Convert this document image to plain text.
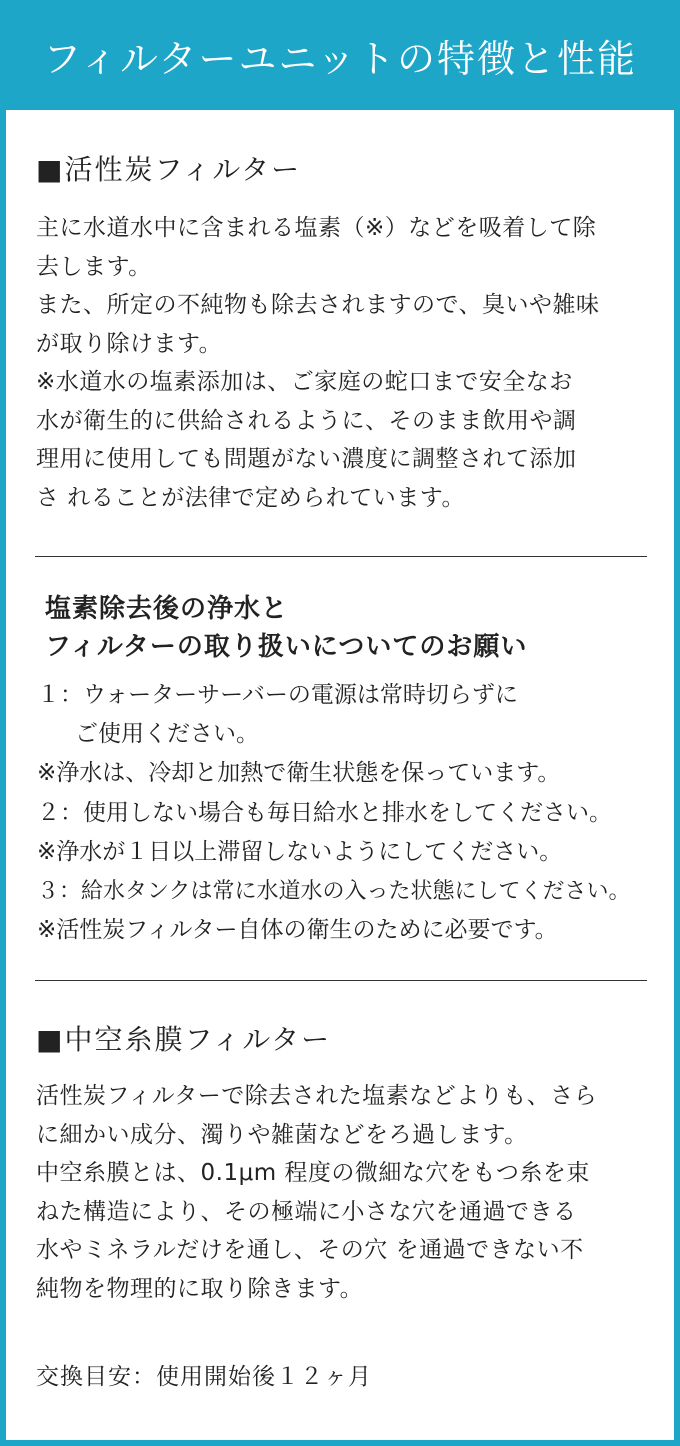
フィルターユニットの特徴と性能
■活性炭フィルター
主に水道水中に含まれる塩素（※）などを吸着して除
去します。
また、所定の不純物も除去されますので、臭いや雑味
が取り除けます。
※水道水の塩素添加は、ご家庭の蛇口まで安全なお
水が衛生的に供給されるように、そのまま飲用や調
理用に使用しても問題がない濃度に調整されて添加
さ れることが法律で定められています。
塩素除去後の浄水と
フィルターの取り扱いについてのお願い
１：ウォーターサーバーの電源は常時切らずに
ご使用ください。
※浄水は、冷却と加熱で衛生状態を保っています。
２：使用しない場合も毎日給水と排水をしてください。
※浄水が１日以上滞留しないようにしてください。
３：給水タンクは常に水道水の入った状態にしてください。
※活性炭フィルター自体の衛生のために必要です。
■中空糸膜フィルター
活性炭フィルターで除去された塩素などよりも、さら
に細かい成分、濁りや雑菌などをろ過します。
中空糸膜とは、0.1μm 程度の微細な穴をもつ糸を束
ねた構造により、その極端に小さな穴を通過できる
水やミネラルだけを通し、その穴 を通過できない不
純物を物理的に取り除きます。
交換目安：使用開始後１２ヶ月
